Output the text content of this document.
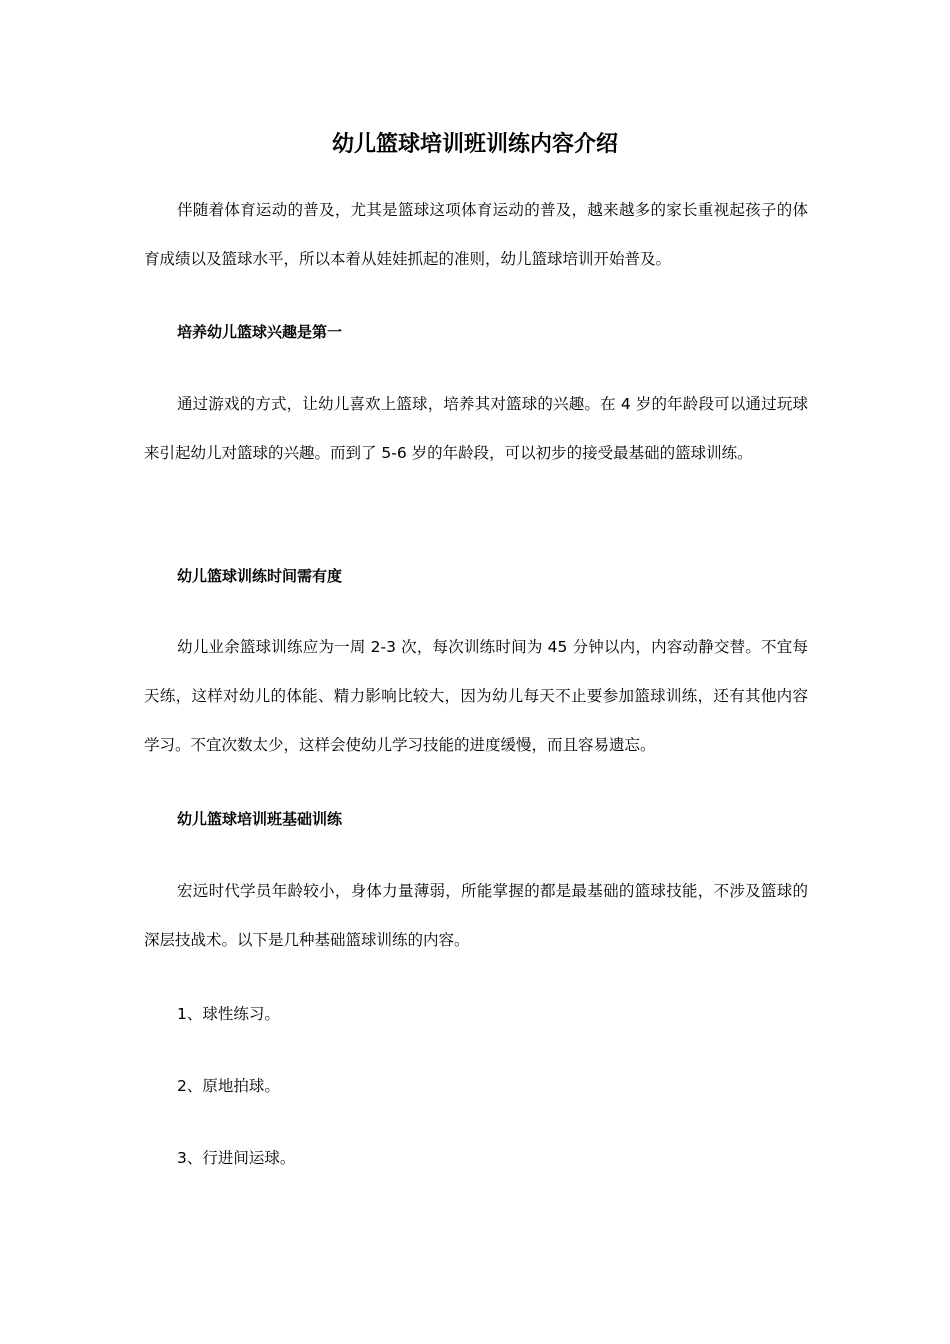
幼儿篮球培训班训练内容介绍

伴随着体育运动的普及，尤其是篮球这项体育运动的普及，越来越多的家长重视起孩子的体育成绩以及篮球水平，所以本着从娃娃抓起的准则，幼儿篮球培训开始普及。

培养幼儿篮球兴趣是第一

通过游戏的方式，让幼儿喜欢上篮球，培养其对篮球的兴趣。在 4 岁的年龄段可以通过玩球来引起幼儿对篮球的兴趣。而到了 5-6 岁的年龄段，可以初步的接受最基础的篮球训练。

幼儿篮球训练时间需有度

幼儿业余篮球训练应为一周 2-3 次，每次训练时间为 45 分钟以内，内容动静交替。不宜每天练，这样对幼儿的体能、精力影响比较大，因为幼儿每天不止要参加篮球训练，还有其他内容学习。不宜次数太少，这样会使幼儿学习技能的进度缓慢，而且容易遗忘。

幼儿篮球培训班基础训练

宏远时代学员年龄较小，身体力量薄弱，所能掌握的都是最基础的篮球技能，不涉及篮球的深层技战术。以下是几种基础篮球训练的内容。

1、球性练习。

2、原地拍球。

3、行进间运球。
